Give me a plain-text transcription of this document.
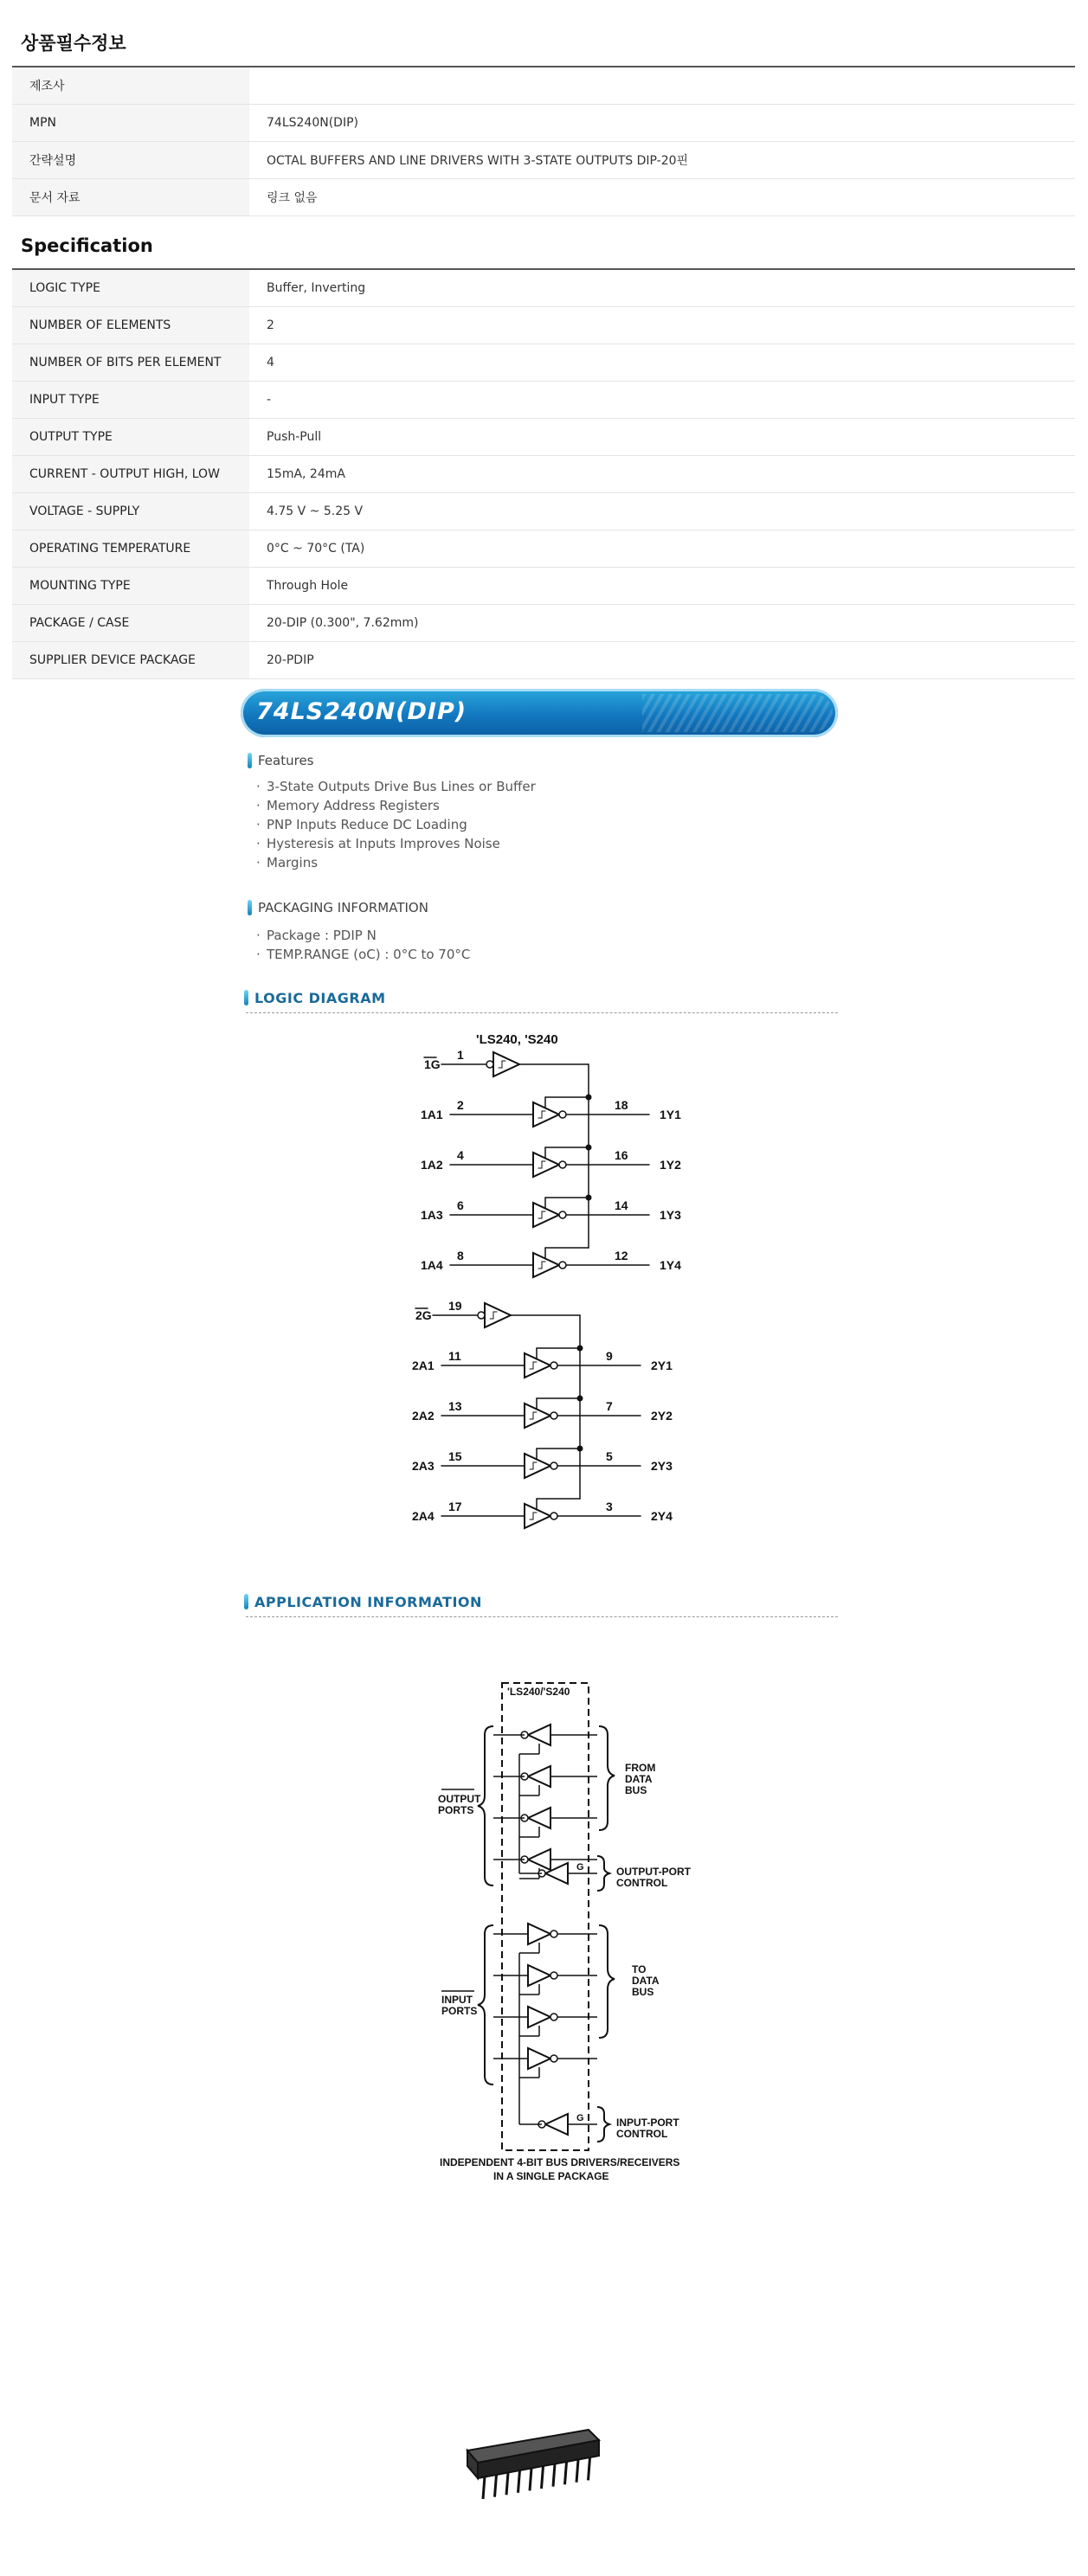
상품필수정보
제조사	
MPN	74LS240N(DIP)
간략설명	OCTAL BUFFERS AND LINE DRIVERS WITH 3-STATE OUTPUTS DIP-20핀
문서 자료	링크 없음
Specification
LOGIC TYPE	Buffer, Inverting
NUMBER OF ELEMENTS	2
NUMBER OF BITS PER ELEMENT	4
INPUT TYPE	-
OUTPUT TYPE	Push-Pull
CURRENT - OUTPUT HIGH, LOW	15mA, 24mA
VOLTAGE - SUPPLY	4.75 V ~ 5.25 V
OPERATING TEMPERATURE	0°C ~ 70°C (TA)
MOUNTING TYPE	Through Hole
PACKAGE / CASE	20-DIP (0.300", 7.62mm)
SUPPLIER DEVICE PACKAGE	20-PDIP
74LS240N(DIP)
Features
· 3-State Outputs Drive Bus Lines or Buffer
· Memory Address Registers
· PNP Inputs Reduce DC Loading
· Hysteresis at Inputs Improves Noise
· Margins
PACKAGING INFORMATION
· Package : PDIP N
· TEMP.RANGE (oC) : 0°C to 70°C
LOGIC DIAGRAM
'LS240, 'S240
1G
1
1A1
2	18
1Y1
1A2
4	16
1Y2
1A3
6	14
1Y3
1A4
8	12
1Y4
2G
19
2A1
11	9
2Y1
2A2
13	7
2Y2
2A3
15	5
2Y3
2A4
17	3
2Y4
APPLICATION INFORMATION
'LS240/'S240
G
G
OUTPUT PORTS
INPUT PORTS
FROM DATA BUS
TO DATA BUS
OUTPUT-PORT CONTROL
INPUT-PORT CONTROL
INDEPENDENT 4-BIT BUS DRIVERS/RECEIVERS
IN A SINGLE PACKAGE
